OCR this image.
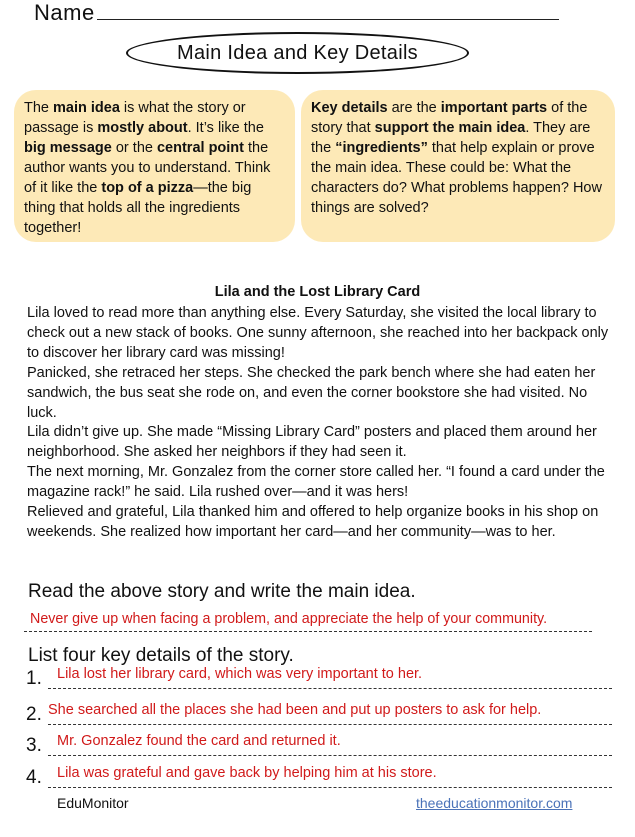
Name
Main Idea and Key Details
The main idea is what the story or passage is mostly about. It’s like the big message or the central point the author wants you to understand. Think of it like the top of a pizza—the big thing that holds all the ingredients together!
Key details are the important parts of the story that support the main idea. They are the “ingredients” that help explain or prove the main idea. These could be: What the characters do? What problems happen? How things are solved?
Lila and the Lost Library Card

Lila loved to read more than anything else. Every Saturday, she visited the local library to check out a new stack of books. One sunny afternoon, she reached into her backpack only to discover her library card was missing!

Panicked, she retraced her steps. She checked the park bench where she had eaten her sandwich, the bus seat she rode on, and even the corner bookstore she had visited. No luck.

Lila didn’t give up. She made “Missing Library Card” posters and placed them around her neighborhood. She asked her neighbors if they had seen it.

The next morning, Mr. Gonzalez from the corner store called her. “I found a card under the magazine rack!” he said. Lila rushed over—and it was hers!

Relieved and grateful, Lila thanked him and offered to help organize books in his shop on weekends. She realized how important her card—and her community—was to her.

Read the above story and write the main idea.
Never give up when facing a problem, and appreciate the help of your community.
List four key details of the story.
1. Lila lost her library card, which was very important to her.
2. She searched all the places she had been and put up posters to ask for help.
3. Mr. Gonzalez found the card and returned it.
4. Lila was grateful and gave back by helping him at his store.
EduMonitor	theeducationmonitor.com
